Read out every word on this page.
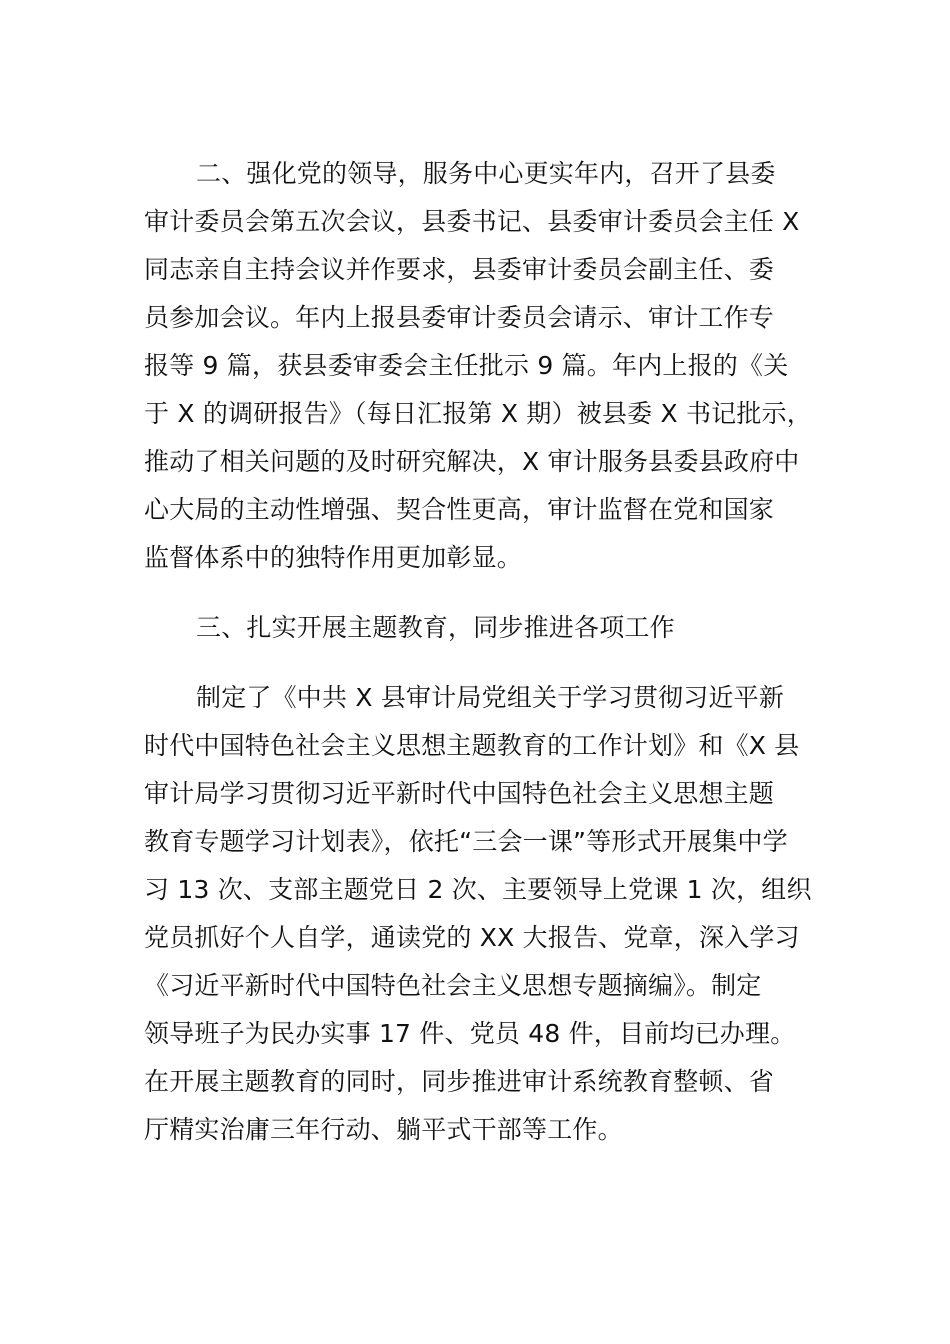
二、强化党的领导，服务中心更实年内，召开了县委
审计委员会第五次会议，县委书记、县委审计委员会主任 X
同志亲自主持会议并作要求，县委审计委员会副主任、委
员参加会议。年内上报县委审计委员会请示、审计工作专
报等 9 篇，获县委审委会主任批示 9 篇。年内上报的《关
于 X 的调研报告》（每日汇报第 X 期）被县委 X 书记批示，
推动了相关问题的及时研究解决，X 审计服务县委县政府中
心大局的主动性增强、契合性更高，审计监督在党和国家
监督体系中的独特作用更加彰显。
三、扎实开展主题教育，同步推进各项工作
制定了《中共 X 县审计局党组关于学习贯彻习近平新
时代中国特色社会主义思想主题教育的工作计划》和《X 县
审计局学习贯彻习近平新时代中国特色社会主义思想主题
教育专题学习计划表》，依托“三会一课”等形式开展集中学
习 13 次、支部主题党日 2 次、主要领导上党课 1 次，组织
党员抓好个人自学，通读党的 XX 大报告、党章，深入学习
《习近平新时代中国特色社会主义思想专题摘编》。制定
领导班子为民办实事 17 件、党员 48 件，目前均已办理。
在开展主题教育的同时，同步推进审计系统教育整顿、省
厅精实治庸三年行动、躺平式干部等工作。
